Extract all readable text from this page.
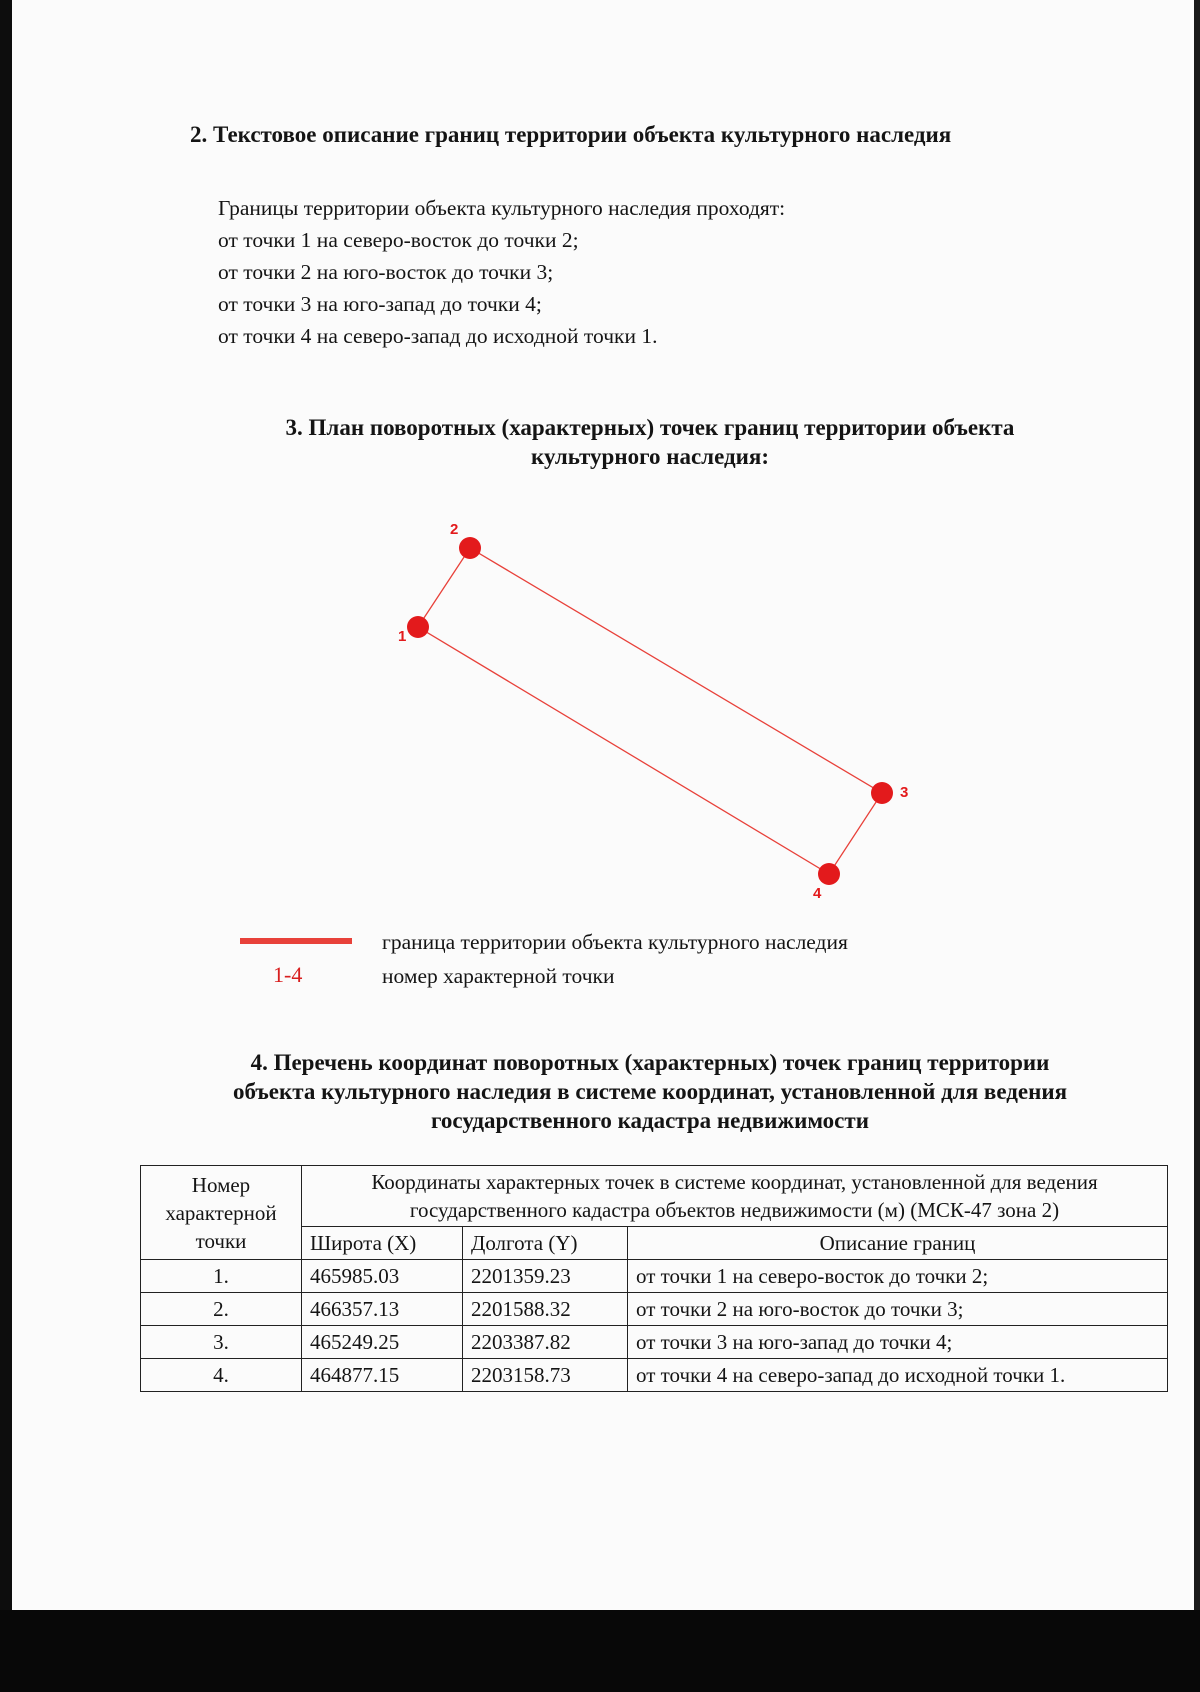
2. Текстовое описание границ территории объекта культурного наследия

Границы территории объекта культурного наследия проходят:

от точки 1 на северо-восток до точки 2;

от точки 2 на юго-восток до точки 3;

от точки 3 на юго-запад до точки 4;

от точки 4 на северо-запад до исходной точки 1.

3. План поворотных (характерных) точек границ территории объекта
культурного наследия:
1
2
3
4
граница территории объекта культурного наследия
1-4	номер характерной точки
4. Перечень координат поворотных (характерных) точек границ территории
объекта культурного наследия в системе координат, установленной для ведения
государственного кадастра недвижимости
Номер характерной точки	Координаты характерных точек в системе координат, установленной для ведения государственного кадастра объектов недвижимости (м) (МСК-47 зона 2)		
	Широта (X)	Долгота (Y)	Описание границ
1.	465985.03	2201359.23	от точки 1 на северо-восток до точки 2;
2.	466357.13	2201588.32	от точки 2 на юго-восток до точки 3;
3.	465249.25	2203387.82	от точки 3 на юго-запад до точки 4;
4.	464877.15	2203158.73	от точки 4 на северо-запад до исходной точки 1.
